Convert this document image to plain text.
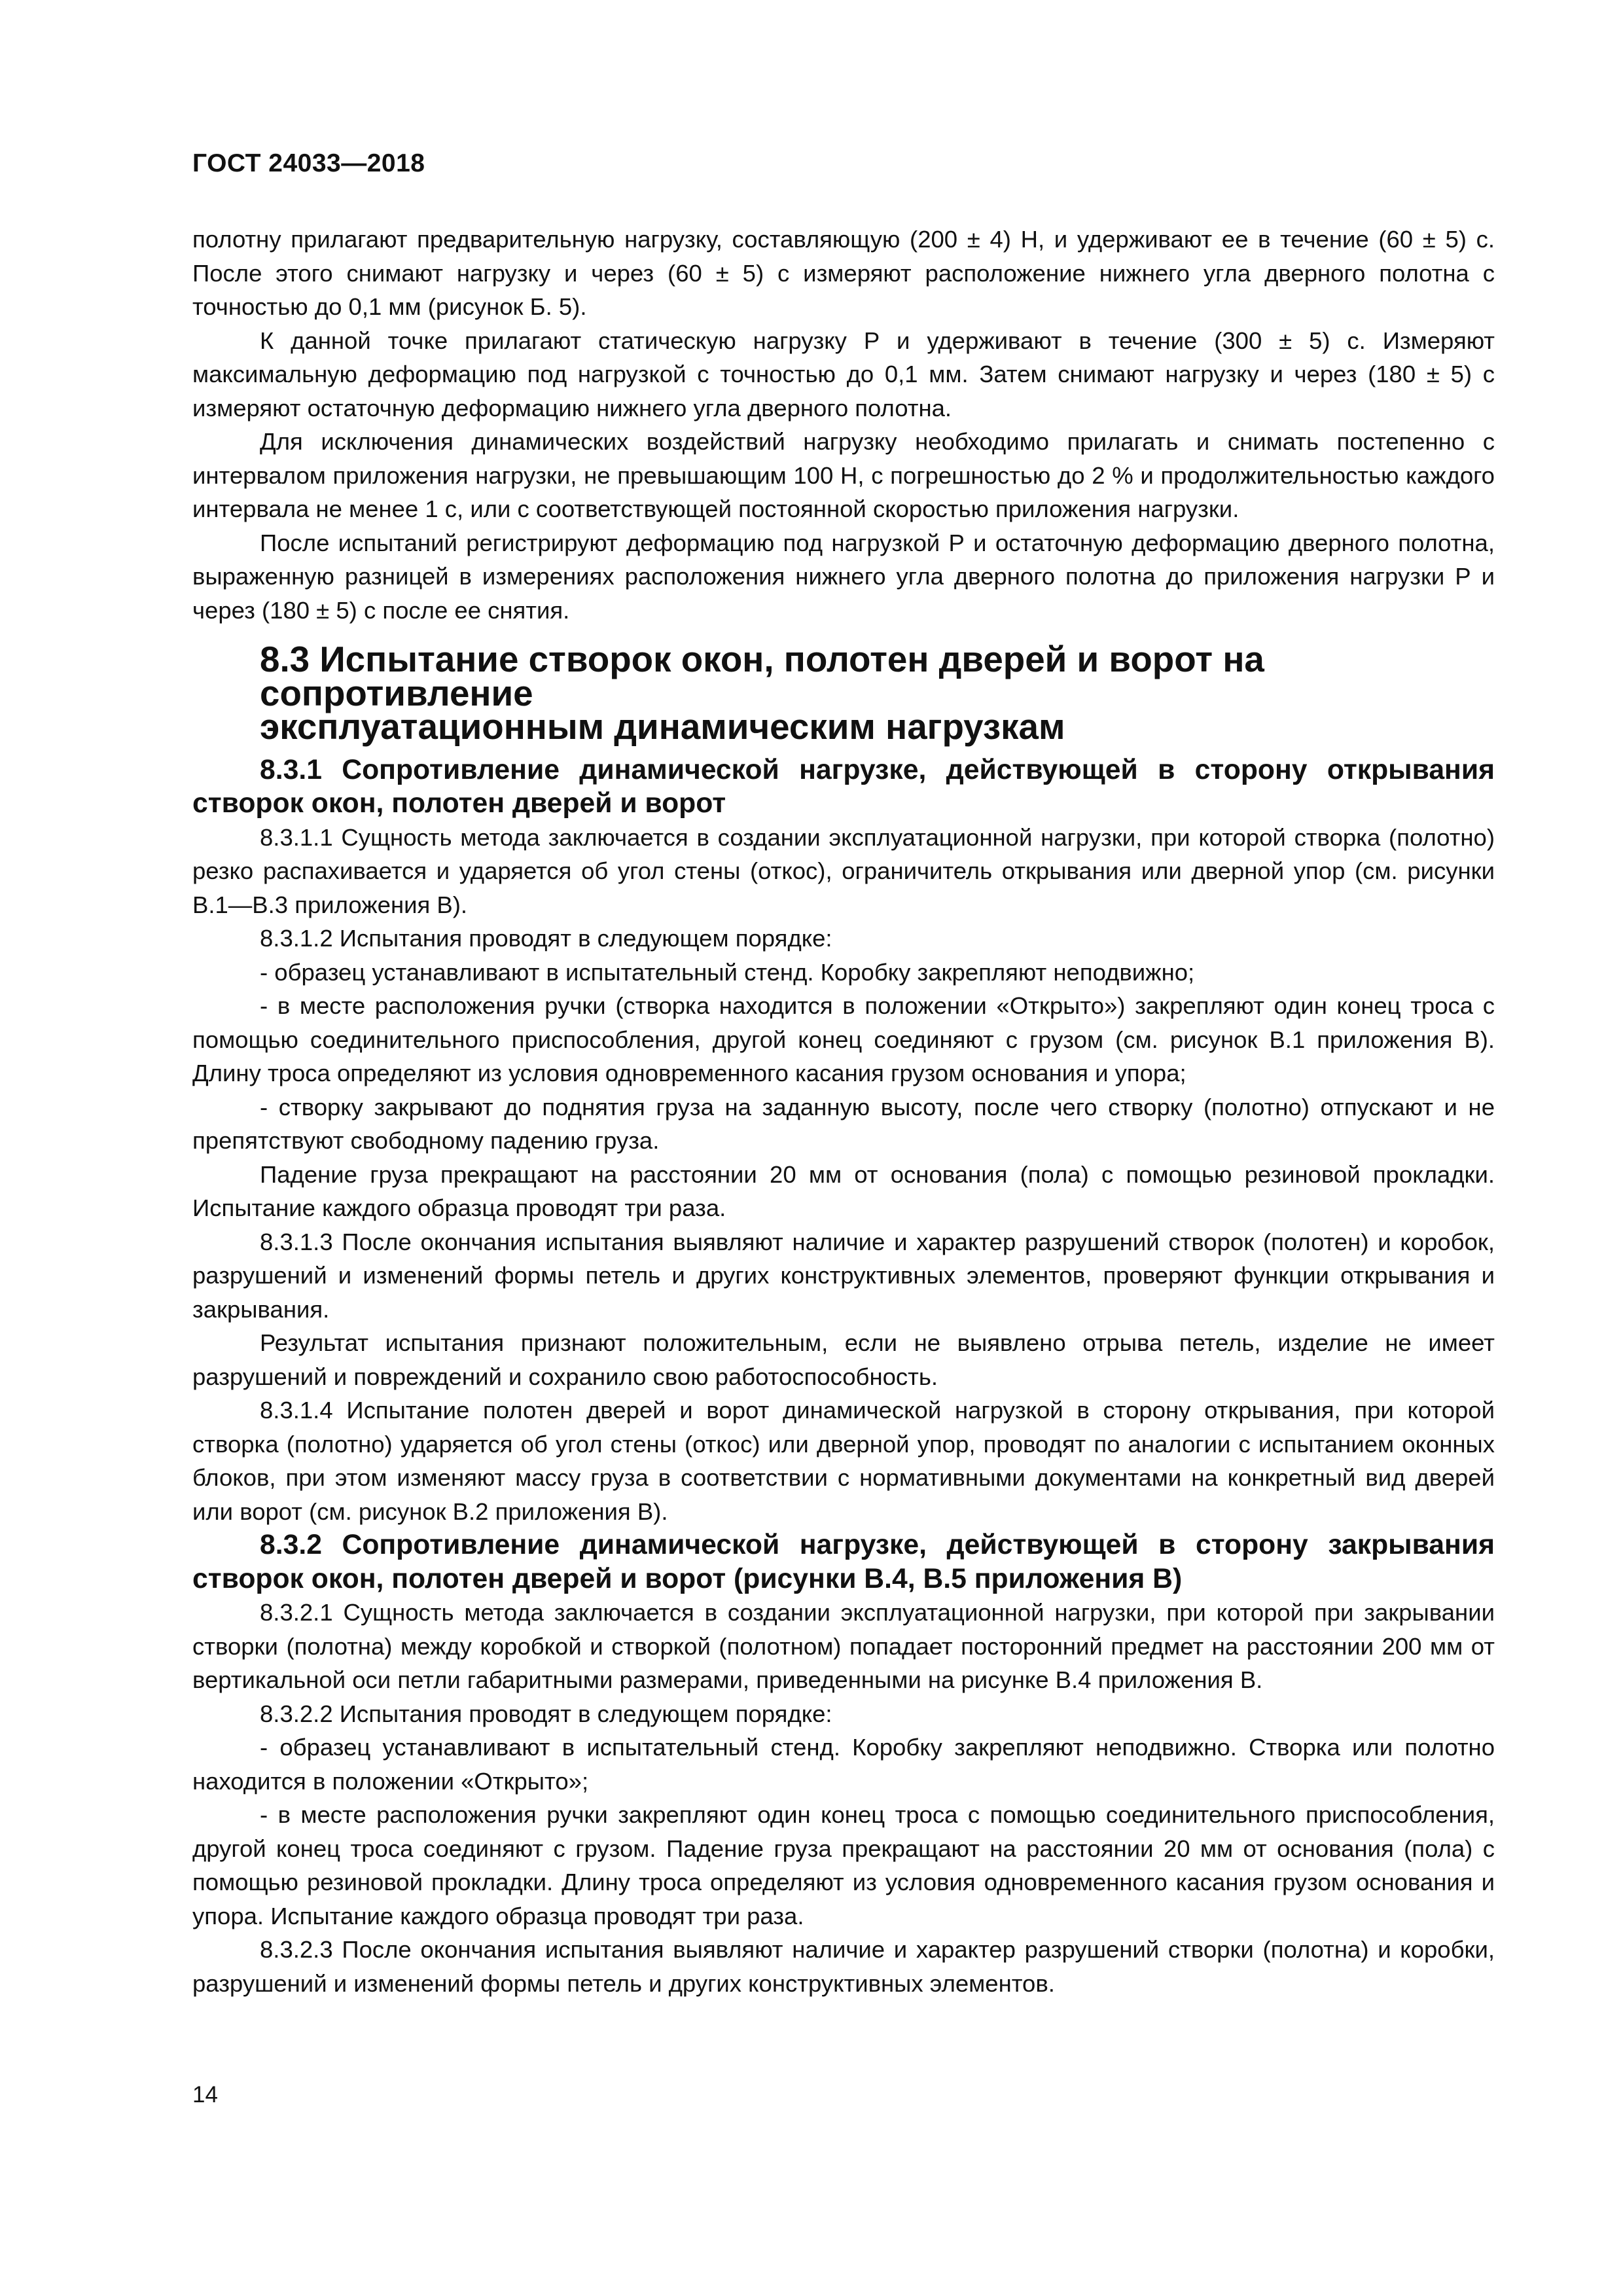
ГОСТ 24033—2018

полотну прилагают предварительную нагрузку, составляющую (200 ± 4) Н, и удерживают ее в течение (60 ± 5) с. После этого снимают нагрузку и через (60 ± 5) с измеряют расположение нижнего угла дверного полотна с точностью до 0,1 мм (рисунок Б. 5).

К данной точке прилагают статическую нагрузку Р и удерживают в течение (300 ± 5) с. Измеряют максимальную деформацию под нагрузкой с точностью до 0,1 мм. Затем снимают нагрузку и через (180 ± 5) с измеряют остаточную деформацию нижнего угла дверного полотна.

Для исключения динамических воздействий нагрузку необходимо прилагать и снимать постепенно с интервалом приложения нагрузки, не превышающим 100 Н, с погрешностью до 2 % и продолжительностью каждого интервала не менее 1 с, или с соответствующей постоянной скоростью приложения нагрузки.

После испытаний регистрируют деформацию под нагрузкой Р и остаточную деформацию дверного полотна, выраженную разницей в измерениях расположения нижнего угла дверного полотна до приложения нагрузки Р и через (180 ± 5) с после ее снятия.

8.3 Испытание створок окон, полотен дверей и ворот на сопротивление
эксплуатационным динамическим нагрузкам
8.3.1 Сопротивление динамической нагрузке, действующей в сторону открывания створок окон, полотен дверей и ворот

8.3.1.1 Сущность метода заключается в создании эксплуатационной нагрузки, при которой створка (полотно) резко распахивается и ударяется об угол стены (откос), ограничитель открывания или дверной упор (см. рисунки В.1—В.3 приложения В).

8.3.1.2 Испытания проводят в следующем порядке:

- образец устанавливают в испытательный стенд. Коробку закрепляют неподвижно;

- в месте расположения ручки (створка находится в положении «Открыто») закрепляют один конец троса с помощью соединительного приспособления, другой конец соединяют с грузом (см. рисунок В.1 приложения В). Длину троса определяют из условия одновременного касания грузом основания и упора;

- створку закрывают до поднятия груза на заданную высоту, после чего створку (полотно) отпускают и не препятствуют свободному падению груза.

Падение груза прекращают на расстоянии 20 мм от основания (пола) с помощью резиновой прокладки. Испытание каждого образца проводят три раза.

8.3.1.3 После окончания испытания выявляют наличие и характер разрушений створок (полотен) и коробок, разрушений и изменений формы петель и других конструктивных элементов, проверяют функции открывания и закрывания.

Результат испытания признают положительным, если не выявлено отрыва петель, изделие не имеет разрушений и повреждений и сохранило свою работоспособность.

8.3.1.4 Испытание полотен дверей и ворот динамической нагрузкой в сторону открывания, при которой створка (полотно) ударяется об угол стены (откос) или дверной упор, проводят по аналогии с испытанием оконных блоков, при этом изменяют массу груза в соответствии с нормативными документами на конкретный вид дверей или ворот (см. рисунок В.2 приложения В).

8.3.2 Сопротивление динамической нагрузке, действующей в сторону закрывания створок окон, полотен дверей и ворот (рисунки В.4, В.5 приложения В)

8.3.2.1 Сущность метода заключается в создании эксплуатационной нагрузки, при которой при закрывании створки (полотна) между коробкой и створкой (полотном) попадает посторонний предмет на расстоянии 200 мм от вертикальной оси петли габаритными размерами, приведенными на рисунке В.4 приложения В.

8.3.2.2 Испытания проводят в следующем порядке:

- образец устанавливают в испытательный стенд. Коробку закрепляют неподвижно. Створка или полотно находится в положении «Открыто»;

- в месте расположения ручки закрепляют один конец троса с помощью соединительного приспособления, другой конец троса соединяют с грузом. Падение груза прекращают на расстоянии 20 мм от основания (пола) с помощью резиновой прокладки. Длину троса определяют из условия одновременного касания грузом основания и упора. Испытание каждого образца проводят три раза.

8.3.2.3 После окончания испытания выявляют наличие и характер разрушений створки (полотна) и коробки, разрушений и изменений формы петель и других конструктивных элементов.

14
